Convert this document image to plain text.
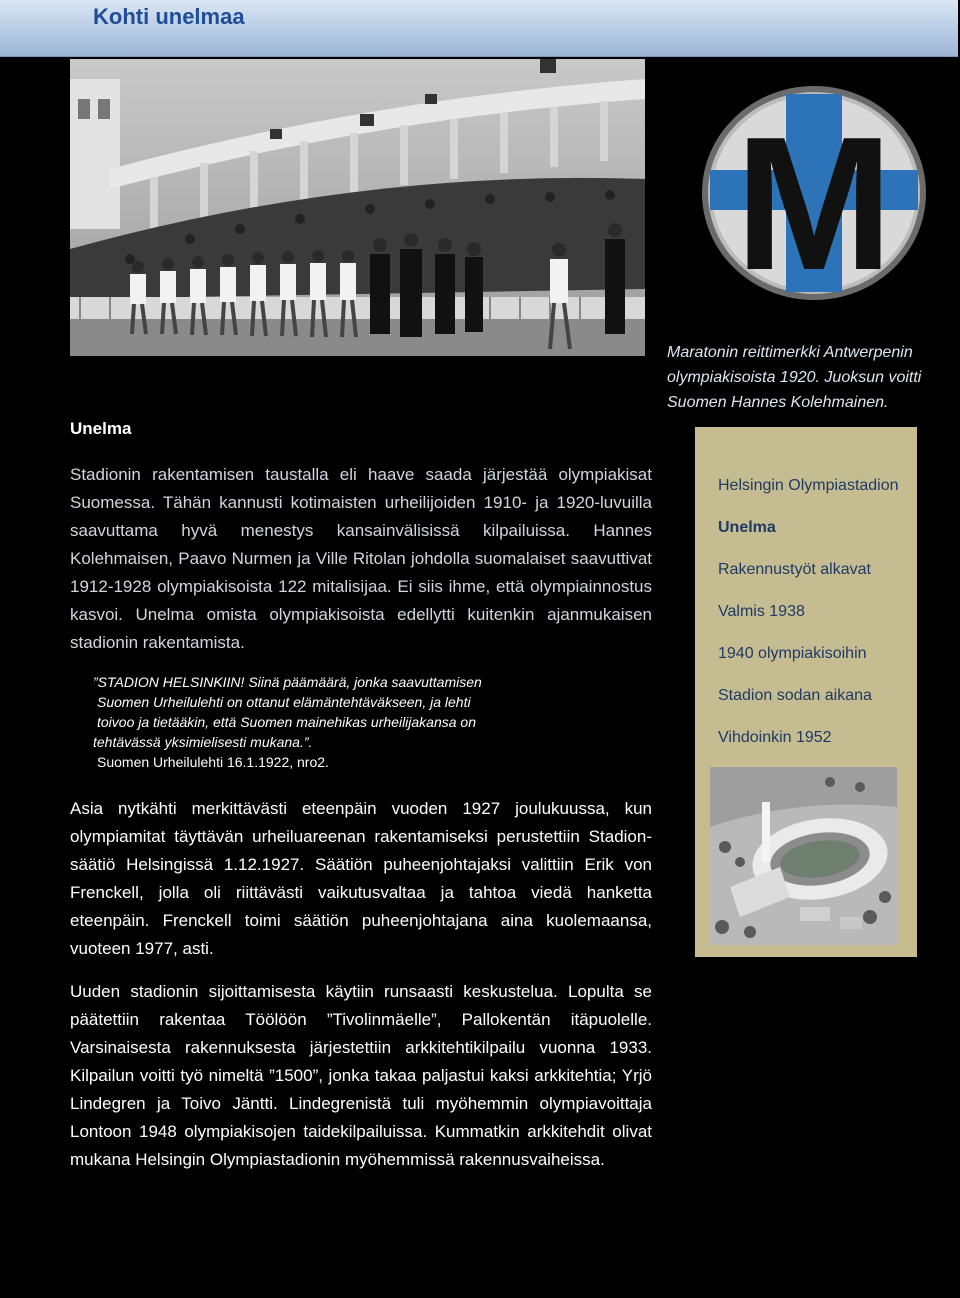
Kohti unelmaa
M
Maratonin reittimerkki Antwerpenin
olympiakisoista 1920. Juoksun voitti
Suomen Hannes Kolehmainen.
Unelma
Stadionin rakentamisen taustalla eli haave saada järjestää olympiakisat Suomessa. Tähän kannusti kotimaisten urheilijoiden 1910- ja 1920-luvuilla saavuttama hyvä menestys kansainvälisissä kilpailuissa. Hannes Kolehmaisen, Paavo Nurmen ja Ville Ritolan johdolla suomalaiset saavuttivat 1912-1928 olympiakisoista 122 mitalisijaa. Ei siis ihme, että olympiainnostus kasvoi. Unelma omista olympiakisoista edellytti kuitenkin ajanmukaisen stadionin rakentamista.
”STADION HELSINKIIN! Siinä päämäärä, jonka saavuttamisen
Suomen Urheilulehti on ottanut elämäntehtäväkseen, ja lehti
toivoo ja tietääkin, että Suomen mainehikas urheilijakansa on
tehtävässä yksimielisesti mukana.”.
Suomen Urheilulehti 16.1.1922, nro2.
Asia nytkähti merkittävästi eteenpäin vuoden 1927 joulukuussa, kun olympiamitat täyttävän urheiluareenan rakentamiseksi perustettiin Stadion-säätiö Helsingissä 1.12.1927. Säätiön puheenjohtajaksi valittiin Erik von Frenckell, jolla oli riittävästi vaikutusvaltaa ja tahtoa viedä hanketta eteenpäin. Frenckell toimi säätiön puheenjohtajana aina kuolemaansa, vuoteen 1977, asti.
Uuden stadionin sijoittamisesta käytiin runsaasti keskustelua. Lopulta se päätettiin rakentaa Töölöön ”Tivolinmäelle”, Pallokentän itäpuolelle. Varsinaisesta rakennuksesta järjestettiin arkkitehtikilpailu vuonna 1933. Kilpailun voitti työ nimeltä ”1500”, jonka takaa paljastui kaksi arkkitehtia; Yrjö Lindegren ja Toivo Jäntti. Lindegrenistä tuli myöhemmin olympiavoittaja Lontoon 1948 olympiakisojen taidekilpailuissa. Kummatkin arkkitehdit olivat mukana Helsingin Olympiastadionin myöhemmissä rakennusvaiheissa.
Helsingin Olympiastadion
Unelma
Rakennustyöt alkavat
Valmis 1938
1940 olympiakisoihin
Stadion sodan aikana
Vihdoinkin 1952
